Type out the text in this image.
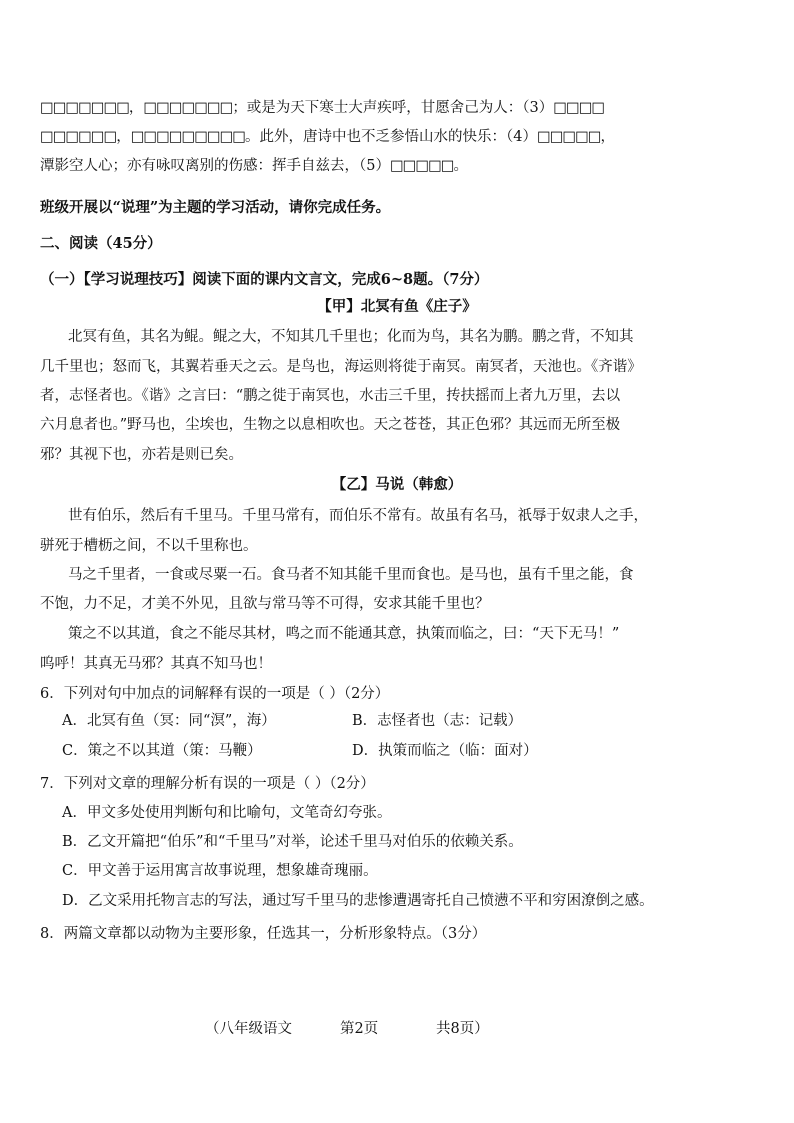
□□□□□□□，□□□□□□□；或是为天下寒士大声疾呼，甘愿舍己为人：（3）□□□□
□□□□□□，□□□□□□□□□。此外，唐诗中也不乏参悟山水的快乐：（4）□□□□□，
潭影空人心；亦有咏叹离别的伤感：挥手自兹去，（5）□□□□□。
班级开展以“说理”为主题的学习活动，请你完成任务。
二、阅读（45分）
（一）【学习说理技巧】阅读下面的课内文言文，完成6~8题。（7分）
【甲】北冥有鱼《庄子》
北冥有鱼，其名为鲲。鲲之大，不知其几千里也；化而为鸟，其名为鹏。鹏之背，不知其
几千里也；怒而飞，其翼若垂天之云。是鸟也，海运则将徙于南冥。南冥者，天池也。《齐谐》
者，志怪者也。《谐》之言曰：“鹏之徙于南冥也，水击三千里，抟扶摇而上者九万里，去以
六月息者也。”野马也，尘埃也，生物之以息相吹也。天之苍苍，其正色邪？其远而无所至极
邪？其视下也，亦若是则已矣。
【乙】马说（韩愈）
世有伯乐，然后有千里马。千里马常有，而伯乐不常有。故虽有名马，祇辱于奴隶人之手，
骈死于槽枥之间，不以千里称也。
马之千里者，一食或尽粟一石。食马者不知其能千里而食也。是马也，虽有千里之能，食
不饱，力不足，才美不外见，且欲与常马等不可得，安求其能千里也？
策之不以其道，食之不能尽其材，鸣之而不能通其意，执策而临之，曰：“天下无马！”
呜呼！其真无马邪？其真不知马也！
6．下列对句中加点的词解释有误的一项是（ ）（2分）
A．北冥有鱼（冥：同“溟”，海）	B．志怪者也（志：记载）
C．策之不以其道（策：马鞭）	D．执策而临之（临：面对）
7．下列对文章的理解分析有误的一项是（ ）（2分）
A．甲文多处使用判断句和比喻句，文笔奇幻夸张。
B．乙文开篇把“伯乐”和“千里马”对举，论述千里马对伯乐的依赖关系。
C．甲文善于运用寓言故事说理，想象雄奇瑰丽。
D．乙文采用托物言志的写法，通过写千里马的悲惨遭遇寄托自己愤懑不平和穷困潦倒之感。
8．两篇文章都以动物为主要形象，任选其一，分析形象特点。（3分）
（八年级语文	第2页	共8页）
